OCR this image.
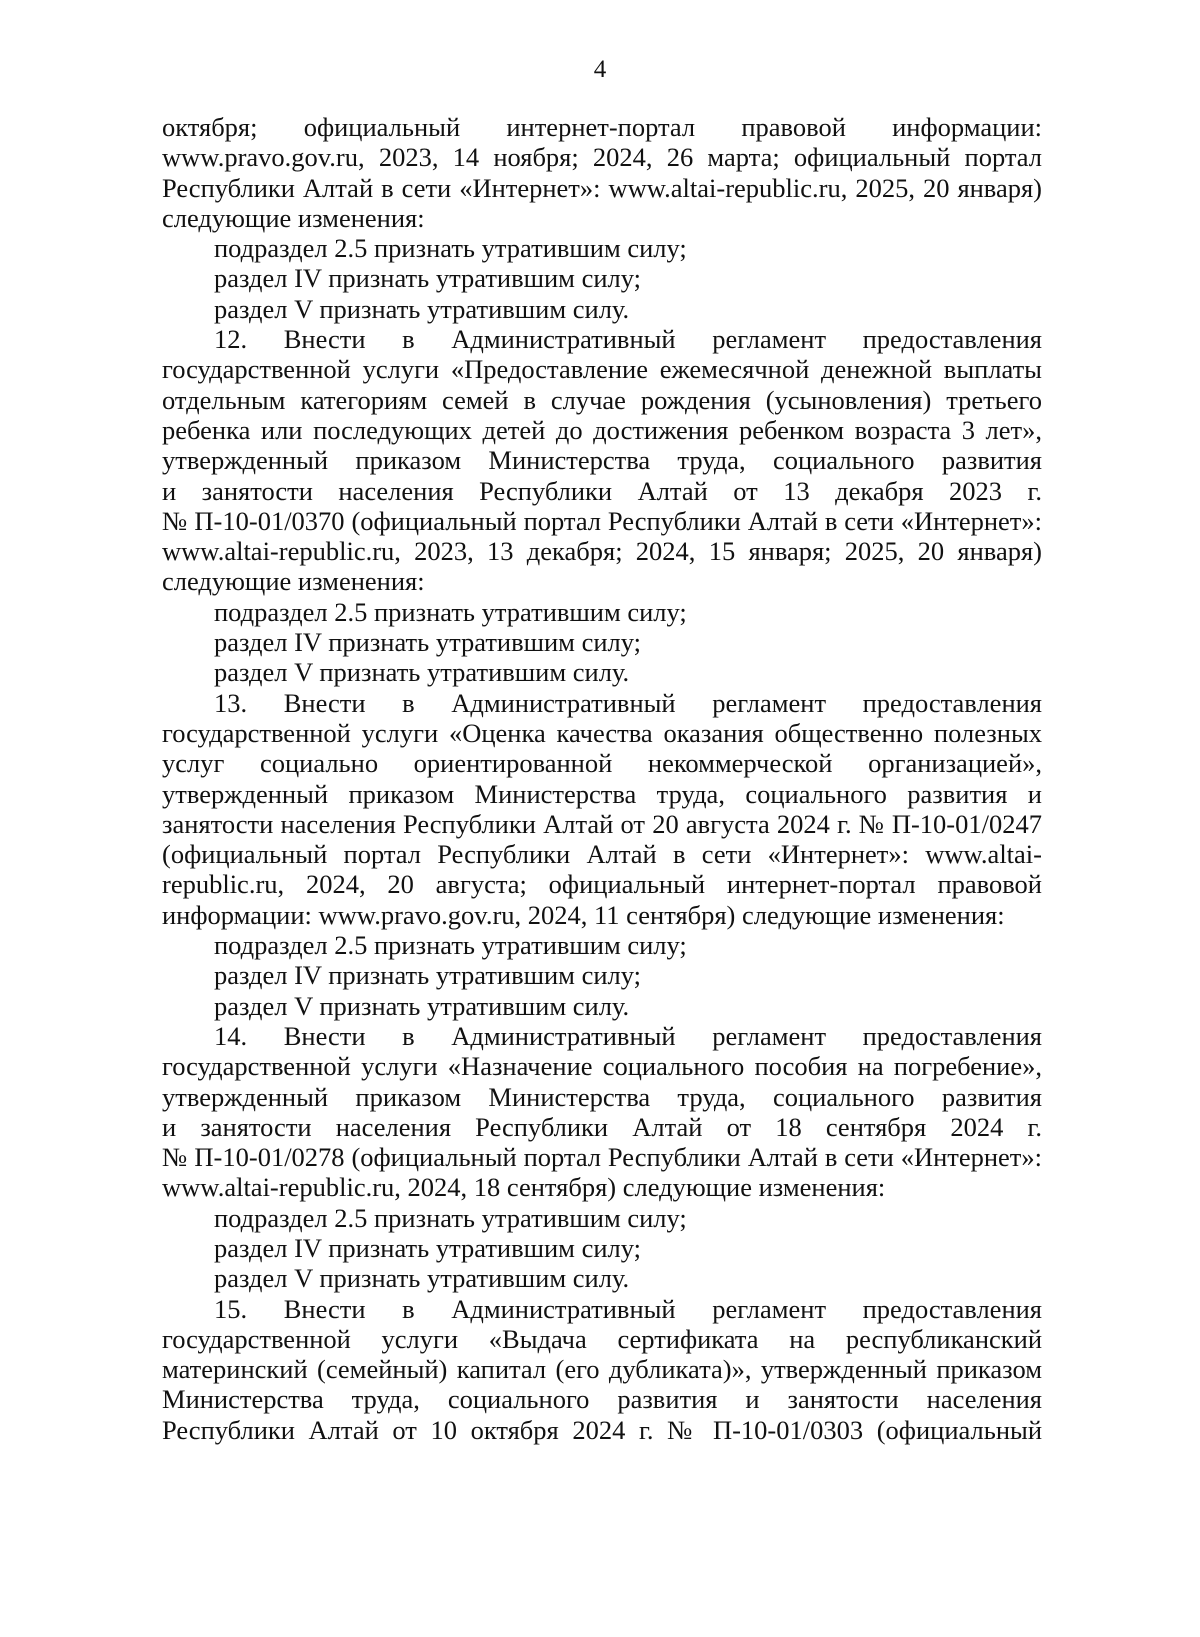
4
октября; официальный интернет-портал правовой информации:
www.pravo.gov.ru, 2023, 14 ноября; 2024, 26 марта; официальный портал
Республики Алтай в сети «Интернет»: www.altai-republic.ru, 2025, 20 января)
следующие изменения:
подраздел 2.5 признать утратившим силу;
раздел IV признать утратившим силу;
раздел V признать утратившим силу.
12. Внести в Административный регламент предоставления
государственной услуги «Предоставление ежемесячной денежной выплаты
отдельным категориям семей в случае рождения (усыновления) третьего
ребенка или последующих детей до достижения ребенком возраста 3 лет»,
утвержденный приказом Министерства труда, социального развития
и занятости населения Республики Алтай от 13 декабря 2023 г.
№ П-10-01/0370 (официальный портал Республики Алтай в сети «Интернет»:
www.altai-republic.ru, 2023, 13 декабря; 2024, 15 января; 2025, 20 января)
следующие изменения:
подраздел 2.5 признать утратившим силу;
раздел IV признать утратившим силу;
раздел V признать утратившим силу.
13. Внести в Административный регламент предоставления
государственной услуги «Оценка качества оказания общественно полезных
услуг социально ориентированной некоммерческой организацией»,
утвержденный приказом Министерства труда, социального развития и
занятости населения Республики Алтай от 20 августа 2024 г. № П-10-01/0247
(официальный портал Республики Алтай в сети «Интернет»: www.altai-
republic.ru, 2024, 20 августа; официальный интернет-портал правовой
информации: www.pravo.gov.ru, 2024, 11 сентября) следующие изменения:
подраздел 2.5 признать утратившим силу;
раздел IV признать утратившим силу;
раздел V признать утратившим силу.
14. Внести в Административный регламент предоставления
государственной услуги «Назначение социального пособия на погребение»,
утвержденный приказом Министерства труда, социального развития
и занятости населения Республики Алтай от 18 сентября 2024 г.
№ П-10-01/0278 (официальный портал Республики Алтай в сети «Интернет»:
www.altai-republic.ru, 2024, 18 сентября) следующие изменения:
подраздел 2.5 признать утратившим силу;
раздел IV признать утратившим силу;
раздел V признать утратившим силу.
15. Внести в Административный регламент предоставления
государственной услуги «Выдача сертификата на республиканский
материнский (семейный) капитал (его дубликата)», утвержденный приказом
Министерства труда, социального развития и занятости населения
Республики Алтай от 10 октября 2024 г. № П-10-01/0303 (официальный
